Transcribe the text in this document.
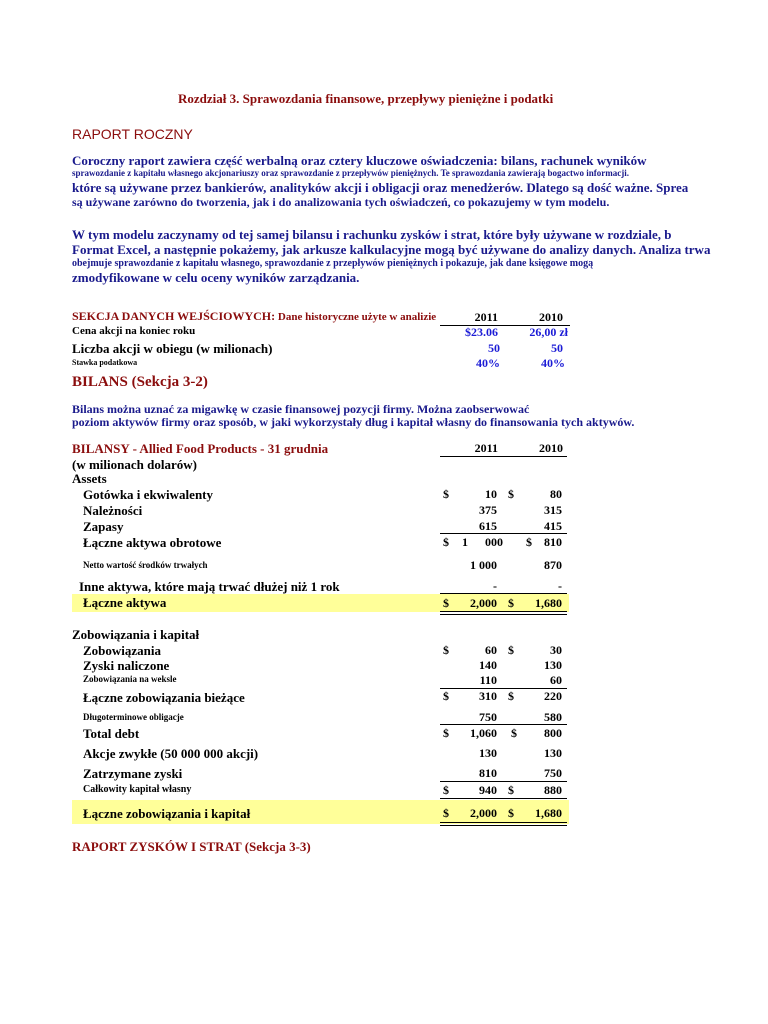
Rozdział 3. Sprawozdania finansowe, przepływy pieniężne i podatki
RAPORT ROCZNY
Coroczny raport zawiera część werbalną oraz cztery kluczowe oświadczenia: bilans, rachunek wyników
sprawozdanie z kapitału własnego akcjonariuszy oraz sprawozdanie z przepływów pieniężnych. Te sprawozdania zawierają bogactwo informacji.
które są używane przez bankierów, analityków akcji i obligacji oraz menedżerów. Dlatego są dość ważne. Sprea
są używane zarówno do tworzenia, jak i do analizowania tych oświadczeń, co pokazujemy w tym modelu.
W tym modelu zaczynamy od tej samej bilansu i rachunku zysków i strat, które były używane w rozdziale, b
Format Excel, a następnie pokażemy, jak arkusze kalkulacyjne mogą być używane do analizy danych. Analiza trwa
obejmuje sprawozdanie z kapitału własnego, sprawozdanie z przepływów pieniężnych i pokazuje, jak dane księgowe mogą
zmodyfikowane w celu oceny wyników zarządzania.
SEKCJA DANYCH WEJŚCIOWYCH: Dane historyczne użyte w analizie	2011	2010
Cena akcji na koniec roku	$23.06	26,00 zł
Liczba akcji w obiegu (w milionach)	50	50
Stawka podatkowa	40%	40%
BILANS (Sekcja 3-2)
Bilans można uznać za migawkę w czasie finansowej pozycji firmy. Można zaobserwować
poziom aktywów firmy oraz sposób, w jaki wykorzystały dług i kapitał własny do finansowania tych aktywów.
BILANSY - Allied Food Products - 31 grudnia	2011	2010
(w milionach dolarów)
Assets
Gotówka i ekwiwalenty	$	10 $	80
Należności	375	315
Zapasy	615	415
Łączne aktywa obrotowe	$ 1 000 $	810
Netto wartość środków trwałych	1 000	870
Inne aktywa, które mają trwać dłużej niż 1 rok	-	-
Łączne aktywa	$	2,000 $	1,680
Zobowiązania i kapitał
Zobowiązania	$	60 $	30
Zyski naliczone	140	130
Zobowiązania na weksle	110	60
Łączne zobowiązania bieżące	$	310 $	220
Długoterminowe obligacje	750	580
Total debt	$	1,060 $	800
Akcje zwykłe (50 000 000 akcji)	130	130
Zatrzymane zyski	810	750
Całkowity kapitał własny	$	940 $	880
Łączne zobowiązania i kapitał	$	2,000 $	1,680
RAPORT ZYSKÓW I STRAT (Sekcja 3-3)
